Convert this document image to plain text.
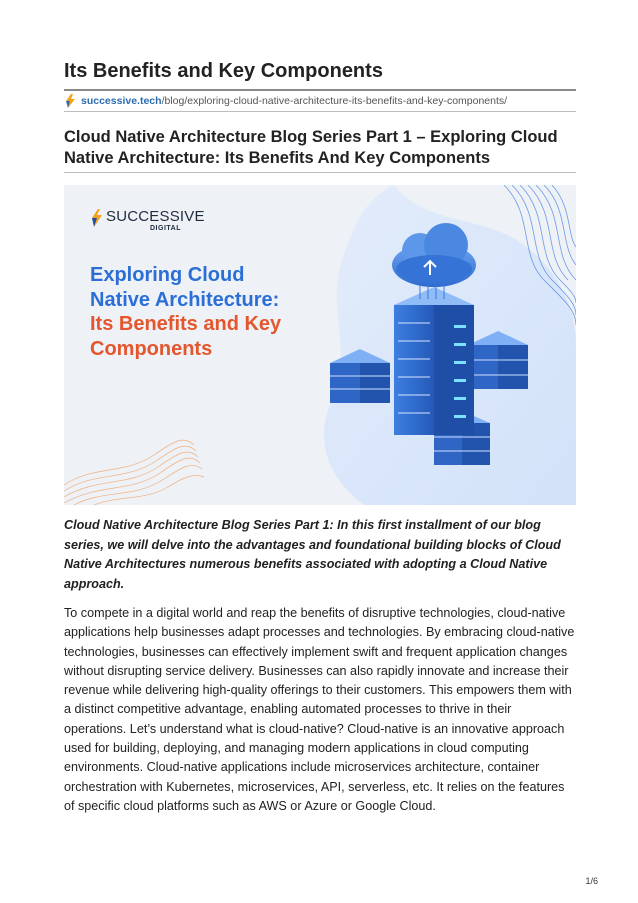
Its Benefits and Key Components
successive.tech /blog/exploring-cloud-native-architecture-its-benefits-and-key-components/
Cloud Native Architecture Blog Series Part 1 – Exploring Cloud Native Architecture: Its Benefits And Key Components
SUCCESSIVE
DIGITAL
Exploring Cloud
Native Architecture:
Its Benefits and Key
Components

Cloud Native Architecture Blog Series Part 1: In this first installment of our blog series, we will delve into the advantages and foundational building blocks of Cloud Native Architectures numerous benefits associated with adopting a Cloud Native approach.

To compete in a digital world and reap the benefits of disruptive technologies, cloud-native applications help businesses adapt processes and technologies. By embracing cloud-native technologies, businesses can effectively implement swift and frequent application changes without disrupting service delivery. Businesses can also rapidly innovate and increase their revenue while delivering high-quality offerings to their customers. This empowers them with a distinct competitive advantage, enabling automated processes to thrive in their operations. Let’s understand what is cloud-native? Cloud-native is an innovative approach used for building, deploying, and managing modern applications in cloud computing environments. Cloud-native applications include microservices architecture, container orchestration with Kubernetes, microservices, API, serverless, etc. It relies on the features of specific cloud platforms such as AWS or Azure or Google Cloud.

1/6
